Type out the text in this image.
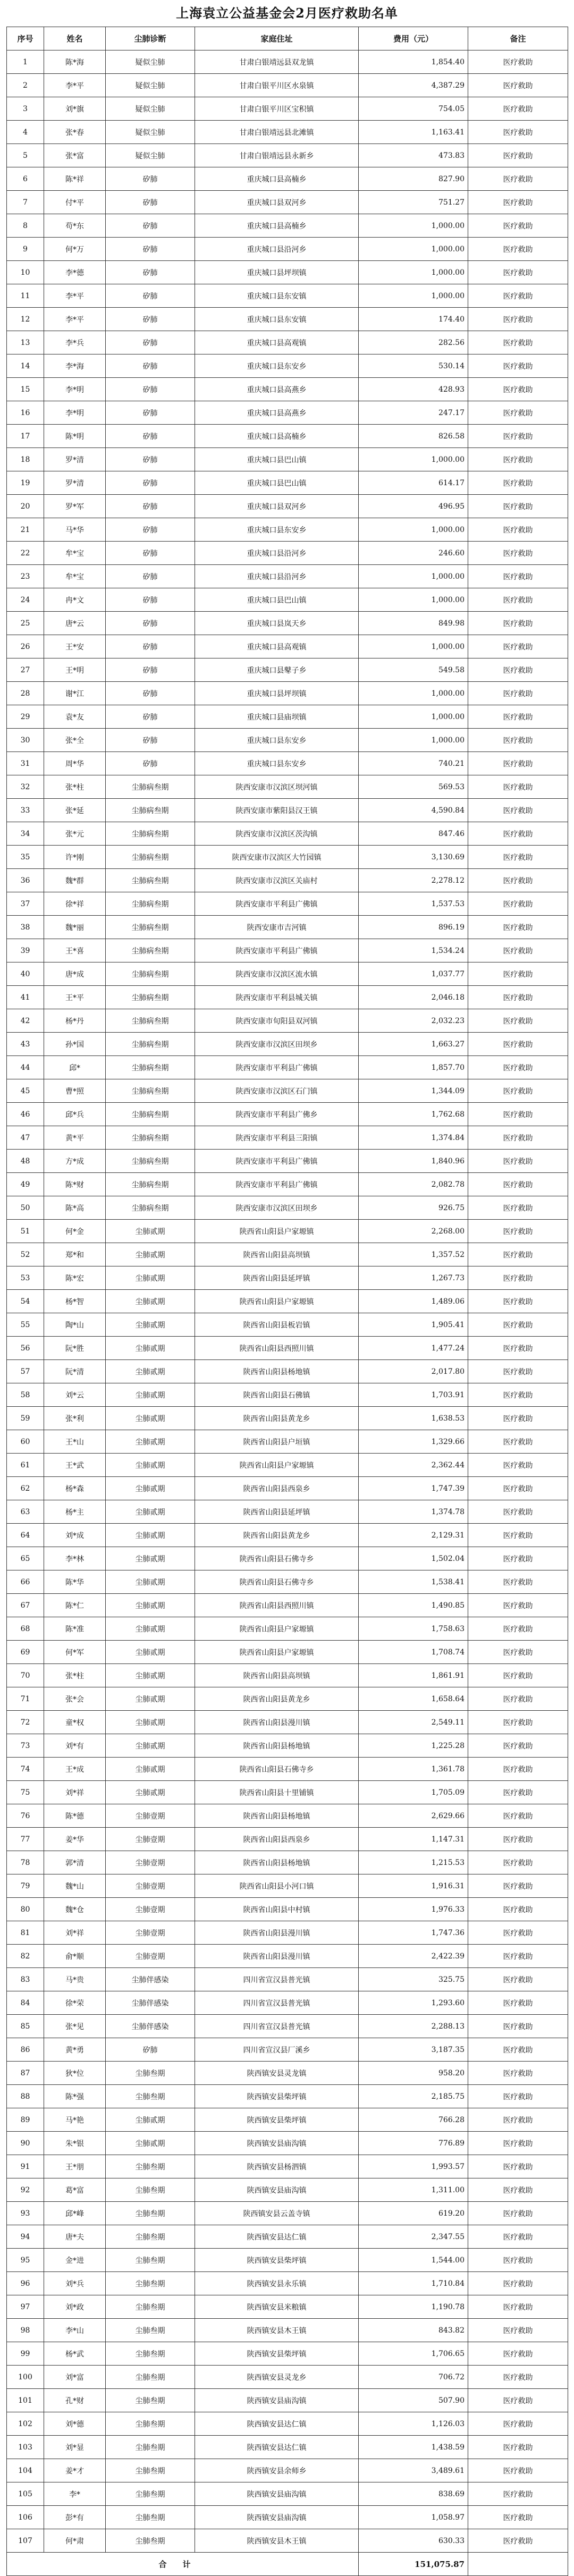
上海袁立公益基金会2月医疗救助名单
序号	姓名	尘肺诊断	家庭住址	费用（元）	备注
1	陈*海	疑似尘肺	甘肃白银靖远县双龙镇	1,854.40	医疗救助
2	李*平	疑似尘肺	甘肃白银平川区水泉镇	4,387.29	医疗救助
3	刘*旗	疑似尘肺	甘肃白银平川区宝积镇	754.05	医疗救助
4	张*春	疑似尘肺	甘肃白银靖远县北滩镇	1,163.41	医疗救助
5	张*富	疑似尘肺	甘肃白银靖远县永新乡	473.83	医疗救助
6	陈*祥	矽肺	重庆城口县高楠乡	827.90	医疗救助
7	付*平	矽肺	重庆城口县双河乡	751.27	医疗救助
8	苟*东	矽肺	重庆城口县高楠乡	1,000.00	医疗救助
9	何*万	矽肺	重庆城口县沿河乡	1,000.00	医疗救助
10	李*德	矽肺	重庆城口县坪坝镇	1,000.00	医疗救助
11	李*平	矽肺	重庆城口县东安镇	1,000.00	医疗救助
12	李*平	矽肺	重庆城口县东安镇	174.40	医疗救助
13	李*兵	矽肺	重庆城口县高观镇	282.56	医疗救助
14	李*海	矽肺	重庆城口县东安乡	530.14	医疗救助
15	李*明	矽肺	重庆城口县高燕乡	428.93	医疗救助
16	李*明	矽肺	重庆城口县高燕乡	247.17	医疗救助
17	陈*明	矽肺	重庆城口县高楠乡	826.58	医疗救助
18	罗*清	矽肺	重庆城口县巴山镇	1,000.00	医疗救助
19	罗*清	矽肺	重庆城口县巴山镇	614.17	医疗救助
20	罗*军	矽肺	重庆城口县双河乡	496.95	医疗救助
21	马*华	矽肺	重庆城口县东安乡	1,000.00	医疗救助
22	牟*宝	矽肺	重庆城口县沿河乡	246.60	医疗救助
23	牟*宝	矽肺	重庆城口县沿河乡	1,000.00	医疗救助
24	冉*文	矽肺	重庆城口县巴山镇	1,000.00	医疗救助
25	唐*云	矽肺	重庆城口县岚天乡	849.98	医疗救助
26	王*安	矽肺	重庆城口县高观镇	1,000.00	医疗救助
27	王*明	矽肺	重庆城口县鼕子乡	549.58	医疗救助
28	谢*江	矽肺	重庆城口县坪坝镇	1,000.00	医疗救助
29	袁*友	矽肺	重庆城口县庙坝镇	1,000.00	医疗救助
30	张*全	矽肺	重庆城口县东安乡	1,000.00	医疗救助
31	周*华	矽肺	重庆城口县东安乡	740.21	医疗救助
32	张*柱	尘肺病叁期	陕西安康市汉滨区坝河镇	569.53	医疗救助
33	张*延	尘肺病叁期	陕西安康市紫阳县汉王镇	4,590.84	医疗救助
34	张*元	尘肺病叁期	陕西安康市汉滨区茨沟镇	847.46	医疗救助
35	许*刚	尘肺病叁期	陕西安康市汉滨区大竹园镇	3,130.69	医疗救助
36	魏*群	尘肺病叁期	陕西安康市汉滨区关庙村	2,278.12	医疗救助
37	徐*祥	尘肺病叁期	陕西安康市平利县广佛镇	1,537.53	医疗救助
38	魏*丽	尘肺病叁期	陕西安康市吉河镇	896.19	医疗救助
39	王*喜	尘肺病叁期	陕西安康市平利县广佛镇	1,534.24	医疗救助
40	唐*成	尘肺病叁期	陕西安康市汉滨区流水镇	1,037.77	医疗救助
41	王*平	尘肺病叁期	陕西安康市平利县城关镇	2,046.18	医疗救助
42	杨*丹	尘肺病叁期	陕西安康市旬阳县双河镇	2,032.23	医疗救助
43	孙*国	尘肺病叁期	陕西安康市汉滨区田坝乡	1,663.27	医疗救助
44	邱*	尘肺病叁期	陕西安康市平利县广佛镇	1,857.70	医疗救助
45	曹*照	尘肺病叁期	陕西安康市汉滨区石门镇	1,344.09	医疗救助
46	邱*兵	尘肺病叁期	陕西安康市平利县广佛乡	1,762.68	医疗救助
47	黄*平	尘肺病叁期	陕西安康市平利县三阳镇	1,374.84	医疗救助
48	方*成	尘肺病叁期	陕西安康市平利县广佛镇	1,840.96	医疗救助
49	陈*财	尘肺病叁期	陕西安康市平利县广佛镇	2,082.78	医疗救助
50	陈*高	尘肺病叁期	陕西安康市汉滨区田坝乡	926.75	医疗救助
51	何*金	尘肺贰期	陕西省山阳县户家塬镇	2,268.00	医疗救助
52	郑*和	尘肺贰期	陕西省山阳县高坝镇	1,357.52	医疗救助
53	陈*宏	尘肺贰期	陕西省山阳县延坪镇	1,267.73	医疗救助
54	杨*智	尘肺贰期	陕西省山阳县户家塬镇	1,489.06	医疗救助
55	陶*山	尘肺贰期	陕西省山阳县板岩镇	1,905.41	医疗救助
56	阮*胜	尘肺贰期	陕西省山阳县西照川镇	1,477.24	医疗救助
57	阮*清	尘肺贰期	陕西省山阳县杨地镇	2,017.80	医疗救助
58	刘*云	尘肺贰期	陕西省山阳县石佛镇	1,703.91	医疗救助
59	张*利	尘肺贰期	陕西省山阳县黄龙乡	1,638.53	医疗救助
60	王*山	尘肺贰期	陕西省山阳县户垣镇	1,329.66	医疗救助
61	王*武	尘肺贰期	陕西省山阳县户家塬镇	2,362.44	医疗救助
62	杨*森	尘肺贰期	陕西省山阳县西泉乡	1,747.39	医疗救助
63	杨*主	尘肺贰期	陕西省山阳县延坪镇	1,374.78	医疗救助
64	刘*成	尘肺贰期	陕西省山阳县黄龙乡	2,129.31	医疗救助
65	李*林	尘肺贰期	陕西省山阳县石佛寺乡	1,502.04	医疗救助
66	陈*华	尘肺贰期	陕西省山阳县石佛寺乡	1,538.41	医疗救助
67	陈*仁	尘肺贰期	陕西省山阳县西照川镇	1,490.85	医疗救助
68	陈*准	尘肺贰期	陕西省山阳县户家塬镇	1,758.63	医疗救助
69	何*军	尘肺贰期	陕西省山阳县户家塬镇	1,708.74	医疗救助
70	张*柱	尘肺贰期	陕西省山阳县高坝镇	1,861.91	医疗救助
71	张*会	尘肺贰期	陕西省山阳县黄龙乡	1,658.64	医疗救助
72	童*权	尘肺贰期	陕西省山阳县漫川镇	2,549.11	医疗救助
73	刘*有	尘肺贰期	陕西省山阳县杨地镇	1,225.28	医疗救助
74	王*成	尘肺贰期	陕西省山阳县石佛寺乡	1,361.78	医疗救助
75	刘*祥	尘肺贰期	陕西省山阳县十里铺镇	1,705.09	医疗救助
76	陈*德	尘肺壹期	陕西省山阳县杨地镇	2,629.66	医疗救助
77	姜*华	尘肺壹期	陕西省山阳县西泉乡	1,147.31	医疗救助
78	郭*清	尘肺壹期	陕西省山阳县杨地镇	1,215.53	医疗救助
79	魏*山	尘肺壹期	陕西省山阳县小河口镇	1,916.31	医疗救助
80	魏*仓	尘肺壹期	陕西省山阳县中村镇	1,976.33	医疗救助
81	刘*祥	尘肺壹期	陕西省山阳县漫川镇	1,747.36	医疗救助
82	俞*顺	尘肺壹期	陕西省山阳县漫川镇	2,422.39	医疗救助
83	马*贵	尘肺伴感染	四川省宣汉县普光镇	325.75	医疗救助
84	徐*荣	尘肺伴感染	四川省宣汉县普光镇	1,293.60	医疗救助
85	张*见	尘肺伴感染	四川省宣汉县普光镇	2,288.13	医疗救助
86	黄*勇	矽肺	四川省宣汉县厂溪乡	3,187.35	医疗救助
87	狄*位	尘肺叁期	陕西镇安县灵龙镇	958.20	医疗救助
88	陈*强	尘肺叁期	陕西镇安县柴坪镇	2,185.75	医疗救助
89	马*艳	尘肺贰期	陕西镇安县柴坪镇	766.28	医疗救助
90	朱*银	尘肺贰期	陕西镇安县庙沟镇	776.89	医疗救助
91	王*朋	尘肺叁期	陕西镇安县杨泗镇	1,993.57	医疗救助
92	葛*富	尘肺叁期	陕西镇安县庙沟镇	1,311.00	医疗救助
93	邱*峰	尘肺叁期	陕西镇安县云盖寺镇	619.20	医疗救助
94	唐*夫	尘肺叁期	陕西镇安县达仁镇	2,347.55	医疗救助
95	金*进	尘肺叁期	陕西镇安县柴坪镇	1,544.00	医疗救助
96	刘*兵	尘肺叁期	陕西镇安县永乐镇	1,710.84	医疗救助
97	刘*政	尘肺叁期	陕西镇安县米粮镇	1,190.78	医疗救助
98	李*山	尘肺叁期	陕西镇安县木王镇	843.82	医疗救助
99	杨*武	尘肺叁期	陕西镇安县柴坪镇	1,706.65	医疗救助
100	刘*富	尘肺叁期	陕西镇安县灵龙乡	706.72	医疗救助
101	孔*财	尘肺叁期	陕西镇安县庙沟镇	507.90	医疗救助
102	刘*德	尘肺叁期	陕西镇安县达仁镇	1,126.03	医疗救助
103	刘*显	尘肺叁期	陕西镇安县达仁镇	1,438.59	医疗救助
104	姜*才	尘肺叁期	陕西镇安县余师乡	3,489.61	医疗救助
105	李*	尘肺叁期	陕西镇安县庙沟镇	838.69	医疗救助
106	彭*有	尘肺叁期	陕西镇安县庙沟镇	1,058.97	医疗救助
107	何*肃	尘肺叁期	陕西镇安县木王镇	630.33	医疗救助
合计				151,075.87	
